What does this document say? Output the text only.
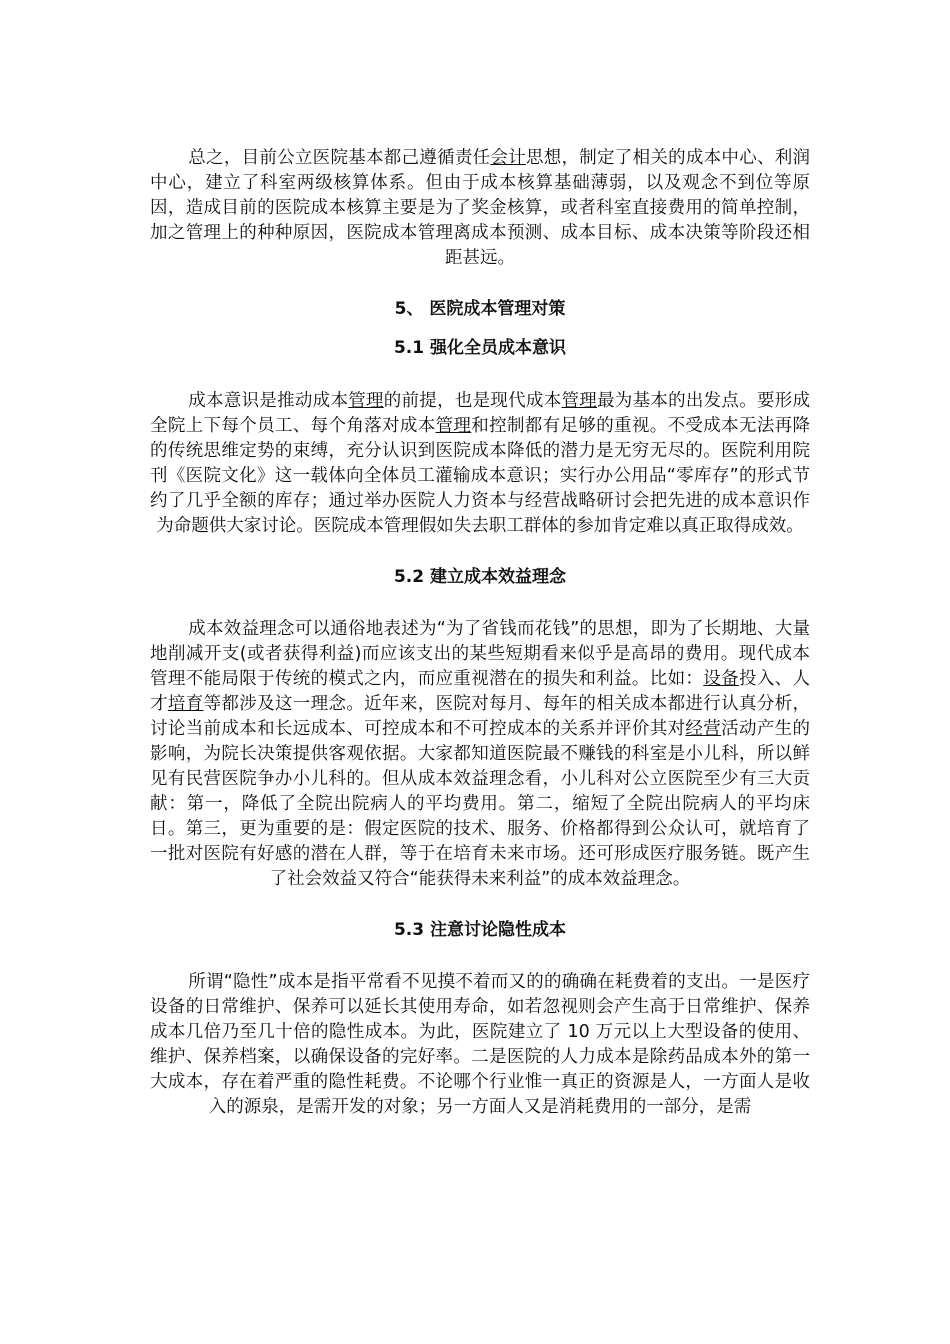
总之，目前公立医院基本都己遵循责任会计思想，制定了相关的成本中心、利润中心，建立了科室两级核算体系。但由于成本核算基础薄弱，以及观念不到位等原因，造成目前的医院成本核算主要是为了奖金核算，或者科室直接费用的简单控制，加之管理上的种种原因，医院成本管理离成本预测、成本目标、成本决策等阶段还相距甚远。

5、 医院成本管理对策
5.1 强化全员成本意识

成本意识是推动成本管理的前提，也是现代成本管理最为基本的出发点。要形成全院上下每个员工、每个角落对成本管理和控制都有足够的重视。不受成本无法再降的传统思维定势的束缚，充分认识到医院成本降低的潜力是无穷无尽的。医院利用院刊《医院文化》这一载体向全体员工灌输成本意识；实行办公用品“零库存”的形式节约了几乎全额的库存；通过举办医院人力资本与经营战略研讨会把先进的成本意识作为命题供大家讨论。医院成本管理假如失去职工群体的参加肯定难以真正取得成效。

5.2 建立成本效益理念

成本效益理念可以通俗地表述为“为了省钱而花钱”的思想，即为了长期地、大量地削减开支(或者获得利益)而应该支出的某些短期看来似乎是高昂的费用。现代成本管理不能局限于传统的模式之内，而应重视潜在的损失和利益。比如：设备投入、人才培育等都涉及这一理念。近年来，医院对每月、每年的相关成本都进行认真分析，讨论当前成本和长远成本、可控成本和不可控成本的关系并评价其对经营活动产生的影响，为院长决策提供客观依据。大家都知道医院最不赚钱的科室是小儿科，所以鲜见有民营医院争办小儿科的。但从成本效益理念看，小儿科对公立医院至少有三大贡献：第一，降低了全院出院病人的平均费用。第二，缩短了全院出院病人的平均床日。第三，更为重要的是：假定医院的技术、服务、价格都得到公众认可，就培育了一批对医院有好感的潜在人群，等于在培育未来市场。还可形成医疗服务链。既产生了社会效益又符合“能获得未来利益”的成本效益理念。

5.3 注意讨论隐性成本

所谓“隐性”成本是指平常看不见摸不着而又的的确确在耗费着的支出。一是医疗设备的日常维护、保养可以延长其使用寿命，如若忽视则会产生高于日常维护、保养成本几倍乃至几十倍的隐性成本。为此，医院建立了 10 万元以上大型设备的使用、维护、保养档案，以确保设备的完好率。二是医院的人力成本是除药品成本外的第一大成本，存在着严重的隐性耗费。不论哪个行业惟一真正的资源是人，一方面人是收入的源泉，是需开发的对象；另一方面人又是消耗费用的一部分，是需
